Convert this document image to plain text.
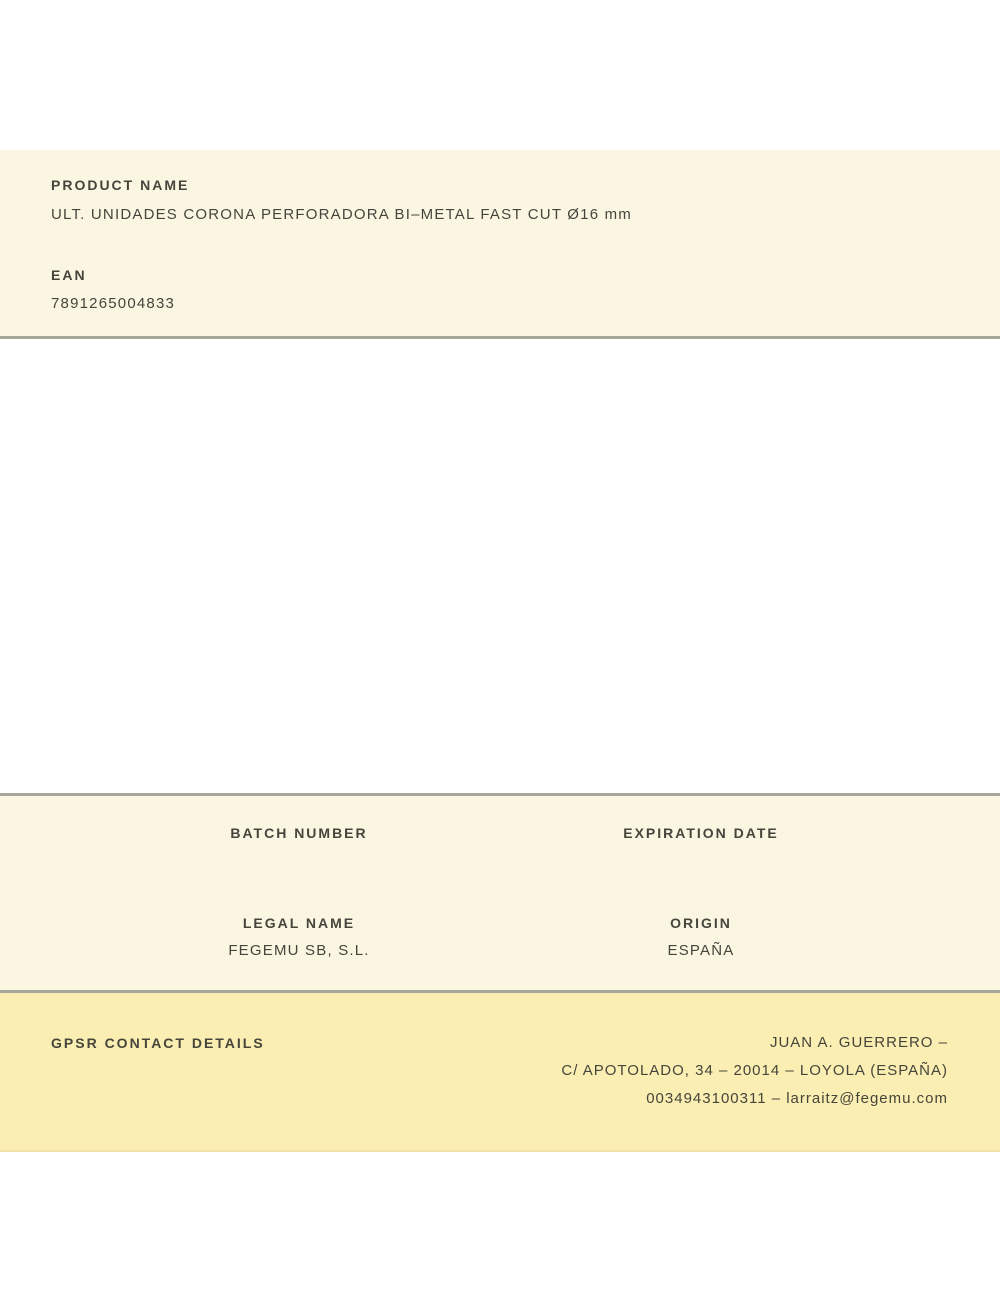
PRODUCT NAME
ULT. UNIDADES CORONA PERFORADORA BI–METAL FAST CUT Ø16 mm
EAN
7891265004833
BATCH NUMBER
LEGAL NAME
FEGEMU SB, S.L.
EXPIRATION DATE
ORIGIN
ESPAÑA
GPSR CONTACT DETAILS	JUAN A. GUERRERO –
C/ APOTOLADO, 34 – 20014 – LOYOLA (ESPAÑA)
0034943100311 – larraitz@fegemu.com
